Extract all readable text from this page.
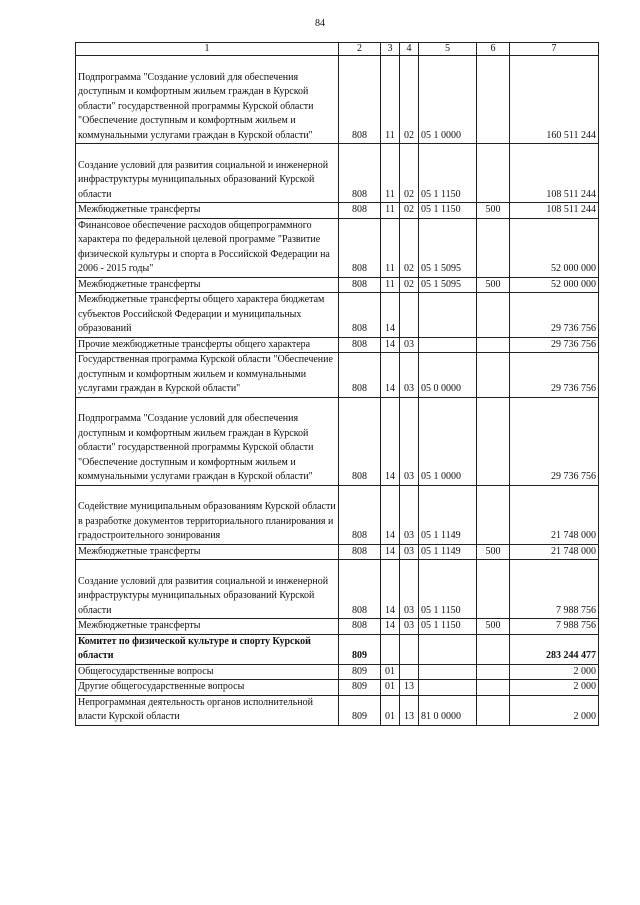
84
1	2	3	4	5	6	7

Подпрограмма "Создание условий для обеспечения доступным и комфортным жильем граждан в Курской области" государственной программы Курской области "Обеспечение доступным и комфортным жильем и коммунальными услугами граждан в Курской области"	808	11	02	05 1 0000		160 511 244

Создание условий для развития социальной и инженерной инфраструктуры муниципальных образований Курской области	808	11	02	05 1 1150		108 511 244

Межбюджетные трансферты	808	11	02	05 1 1150	500	108 511 244

Финансовое обеспечение расходов общепрограммного характера по федеральной целевой программе "Развитие физической культуры и спорта в Российской Федерации на 2006 - 2015 годы"	808	11	02	05 1 5095		52 000 000

Межбюджетные трансферты	808	11	02	05 1 5095	500	52 000 000

Межбюджетные трансферты общего характера бюджетам субъектов Российской Федерации и муниципальных образований	808	14				29 736 756

Прочие межбюджетные трансферты общего характера	808	14	03			29 736 756

Государственная программа Курской области "Обеспечение доступным и комфортным жильем и коммунальными услугами граждан в Курской области"	808	14	03	05 0 0000		29 736 756

Подпрограмма "Создание условий для обеспечения доступным и комфортным жильем граждан в Курской области" государственной программы Курской области "Обеспечение доступным и комфортным жильем и коммунальными услугами граждан в Курской области"	808	14	03	05 1 0000		29 736 756

Содействие муниципальным образованиям Курской области в разработке документов территориального планирования и градостроительного зонирования	808	14	03	05 1 1149		21 748 000

Межбюджетные трансферты	808	14	03	05 1 1149	500	21 748 000

Создание условий для развития социальной и инженерной инфраструктуры муниципальных образований Курской области	808	14	03	05 1 1150		7 988 756

Межбюджетные трансферты	808	14	03	05 1 1150	500	7 988 756

Комитет по физической культуре и спорту Курской области	809					283 244 477

Общегосударственные вопросы	809	01				2 000

Другие общегосударственные вопросы	809	01	13			2 000

Непрограммная деятельность органов исполнительной власти Курской области	809	01	13	81 0 0000		2 000
